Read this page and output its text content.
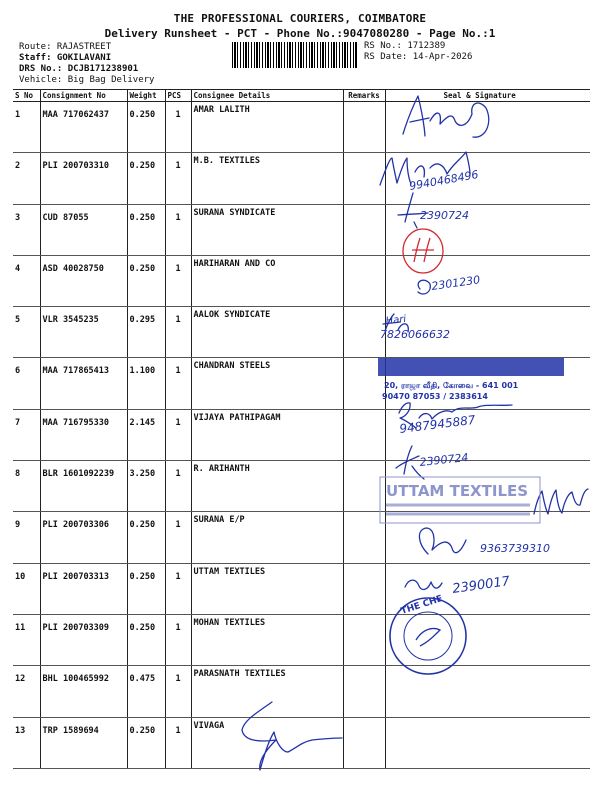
THE PROFESSIONAL COURIERS, COIMBATORE
Delivery Runsheet - PCT - Phone No.:9047080280 - Page No.:1
Route: RAJASTREET
Staff: GOKILAVANI
DRS No.: DCJB171238901
Vehicle: Big Bag Delivery
RS No.: 1712389
RS Date: 14-Apr-2026
S No	Consignment No	Weight	PCS	Consignee Details	Remarks	Seal & Signature
1	MAA 717062437	0.250	1	AMAR LALITH		
2	PLI 200703310	0.250	1	M.B. TEXTILES		
3	CUD 87055	0.250	1	SURANA SYNDICATE		
4	ASD 40028750	0.250	1	HARIHARAN AND CO		
5	VLR 3545235	0.295	1	AALOK SYNDICATE		
6	MAA 717865413	1.100	1	CHANDRAN STEELS		
7	MAA 716795330	2.145	1	VIJAYA PATHIPAGAM		
8	BLR 1601092239	3.250	1	R. ARIHANTH		
9	PLI 200703306	0.250	1	SURANA E/P		
10	PLI 200703313	0.250	1	UTTAM TEXTILES		
11	PLI 200703309	0.250	1	MOHAN TEXTILES		
12	BHL 100465992	0.475	1	PARASNATH TEXTILES		
13	TRP 1589694	0.250	1	VIVAGA		
9940468496
2390724
2301230
Hari
7826066632
9487945887
2390724
9363739310
2390017
20, ராஜா வீதி, கோவை - 641 001
90470 87053 / 2383614
UTTAM TEXTILES
THE CHE
